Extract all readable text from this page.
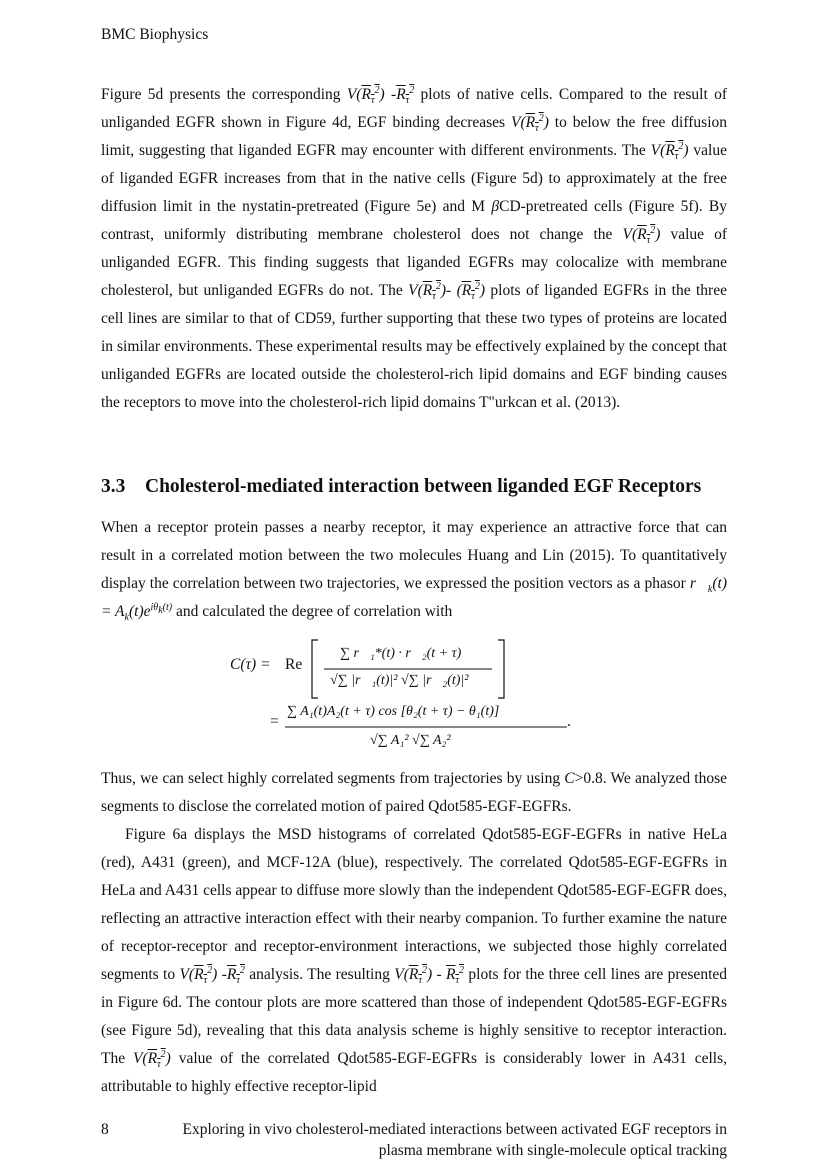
BMC Biophysics
Figure 5d presents the corresponding $V(R_\tau^2)$ $-R_\tau^2$ plots of native cells. Compared to the result of unliganded EGFR shown in Figure 4d, EGF binding decreases $V(R_\tau^2)$ to below the free diffusion limit, suggesting that liganded EGFR may encounter with different environments. The $V(R_\tau^2)$ value of liganded EGFR increases from that in the native cells (Figure 5d) to approximately at the free diffusion limit in the nystatin-pretreated (Figure 5e) and M βCD-pretreated cells (Figure 5f). By contrast, uniformly distributing membrane cholesterol does not change the $V(R_\tau^2)$ value of unliganded EGFR. This finding suggests that liganded EGFRs may colocalize with membrane cholesterol, but unliganded EGFRs do not. The $V(R_\tau^2)-$ $(R_\tau^2)$ plots of liganded EGFRs in the three cell lines are similar to that of CD59, further supporting that these two types of proteins are located in similar environments. These experimental results may be effectively explained by the concept that unliganded EGFRs are located outside the cholesterol-rich lipid domains and EGF binding causes the receptors to move into the cholesterol-rich lipid domains T"urkcan et al. (2013).
3.3 Cholesterol-mediated interaction between liganded EGF Receptors
When a receptor protein passes a nearby receptor, it may experience an attractive force that can result in a correlated motion between the two molecules Huang and Lin (2015). To quantitatively display the correlation between two trajectories, we expressed the position vectors as a phasor $r⃗_k(t) = A_k(t)e^{i\theta_k(t)}$ and calculated the degree of correlation with
C(τ) = Re
∑ r⃗₁*(t) · r⃗₂(t + τ)
√∑ |r⃗₁(t)|² √∑ |r⃗₂(t)|²
=
∑ A₁(t)A₂(t + τ) cos [θ₂(t + τ) − θ₁(t)]
√∑ A₁² √∑ A₂²
.
Thus, we can select highly correlated segments from trajectories by using C>0.8. We analyzed those segments to disclose the correlated motion of paired Qdot585-EGF-EGFRs.
Figure 6a displays the MSD histograms of correlated Qdot585-EGF-EGFRs in native HeLa (red), A431 (green), and MCF-12A (blue), respectively. The correlated Qdot585-EGF-EGFRs in HeLa and A431 cells appear to diffuse more slowly than the independent Qdot585-EGF-EGFR does, reflecting an attractive interaction effect with their nearby companion. To further examine the nature of receptor-receptor and receptor-environment interactions, we subjected those highly correlated segments to $V(R_\tau^2)$ $-R_\tau^2$ analysis. The resulting $V(R_\tau^2) - R_\tau^2$ plots for the three cell lines are presented in Figure 6d. The contour plots are more scattered than those of independent Qdot585-EGF-EGFRs (see Figure 5d), revealing that this data analysis scheme is highly sensitive to receptor interaction. The $V(R_\tau^2)$ value of the correlated Qdot585-EGF-EGFRs is considerably lower in A431 cells, attributable to highly effective receptor-lipid
8	Exploring in vivo cholesterol-mediated interactions between activated EGF receptors in plasma membrane with single-molecule optical tracking
